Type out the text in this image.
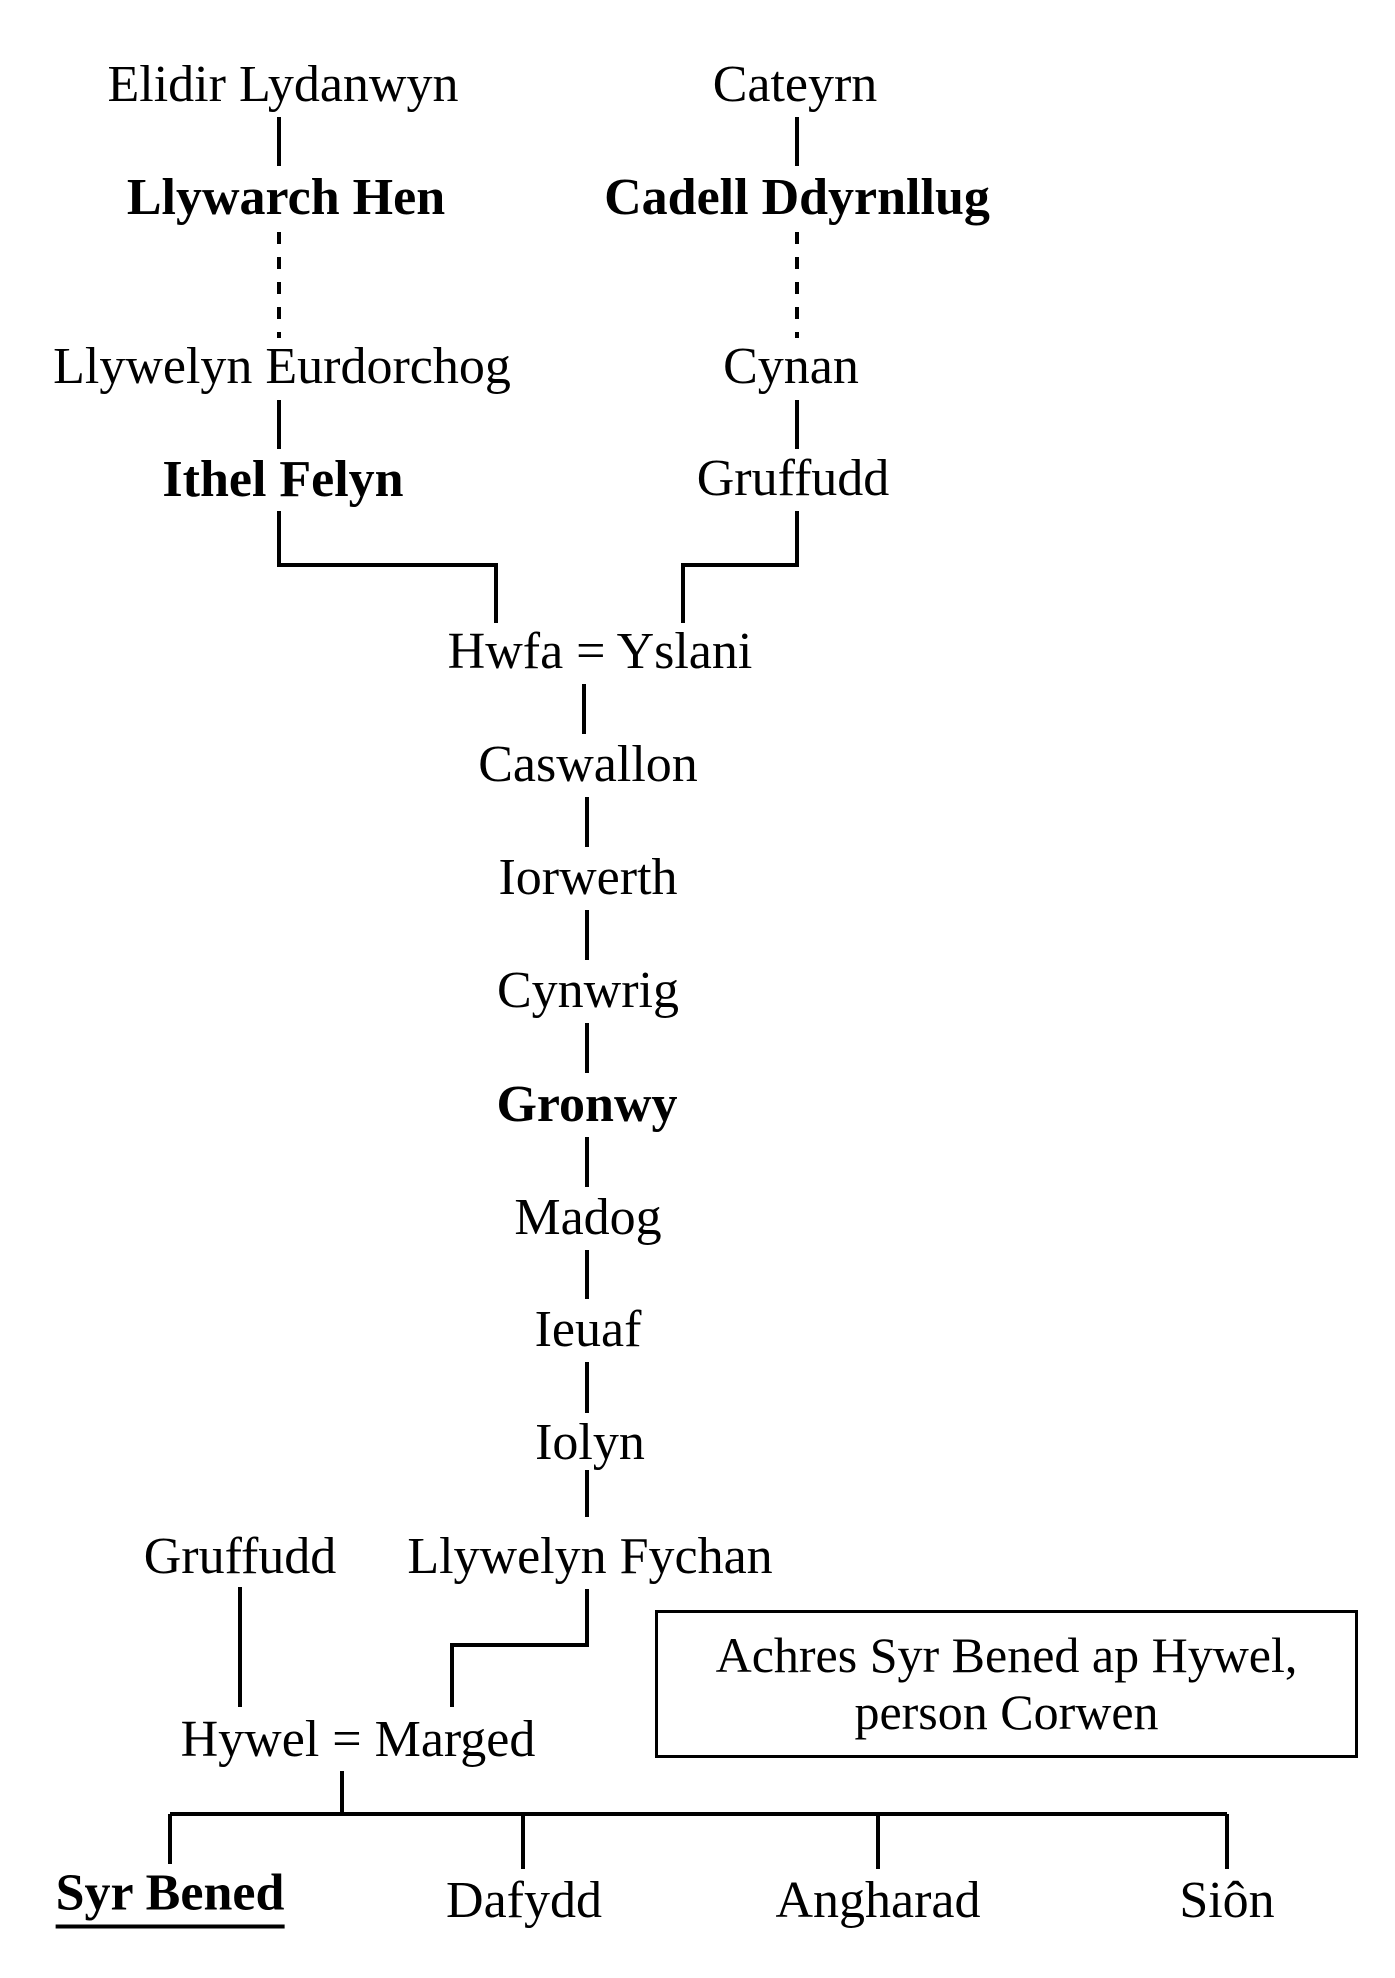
Achres Syr Bened ap Hywel,
person Corwen
Elidir Lydanwyn	Cateyrn
Llywarch Hen	Cadell Ddyrnllug
Llywelyn Eurdorchog	Cynan
Ithel Felyn	Gruffudd
Hwfa = Yslani
Caswallon
Iorwerth
Cynwrig
Gronwy
Madog
Ieuaf
Iolyn
Gruffudd Llywelyn Fychan
Hywel = Marged
Syr Bened	Dafydd	Angharad	Siôn
